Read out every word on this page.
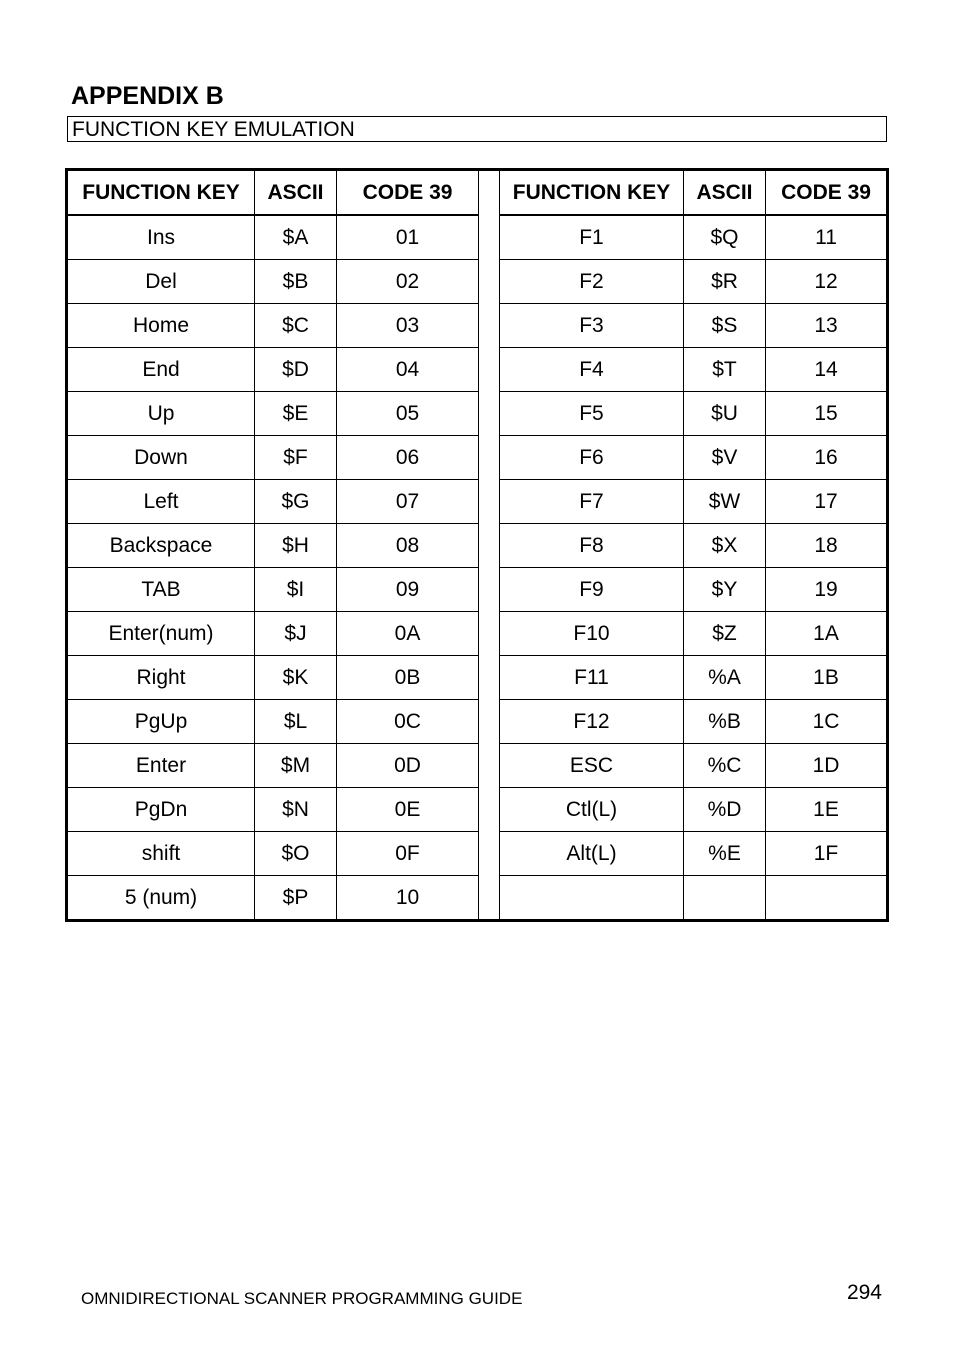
APPENDIX B
FUNCTION KEY EMULATION
FUNCTION KEY	ASCII	CODE 39		FUNCTION KEY	ASCII	CODE 39
Ins	$A	01		F1	$Q	11
Del	$B	02		F2	$R	12
Home	$C	03		F3	$S	13
End	$D	04		F4	$T	14
Up	$E	05		F5	$U	15
Down	$F	06		F6	$V	16
Left	$G	07		F7	$W	17
Backspace	$H	08		F8	$X	18
TAB	$I	09		F9	$Y	19
Enter(num)	$J	0A		F10	$Z	1A
Right	$K	0B		F11	%A	1B
PgUp	$L	0C		F12	%B	1C
Enter	$M	0D		ESC	%C	1D
PgDn	$N	0E		Ctl(L)	%D	1E
shift	$O	0F		Alt(L)	%E	1F
5 (num)	$P	10				
OMNIDIRECTIONAL SCANNER PROGRAMMING GUIDE	294
